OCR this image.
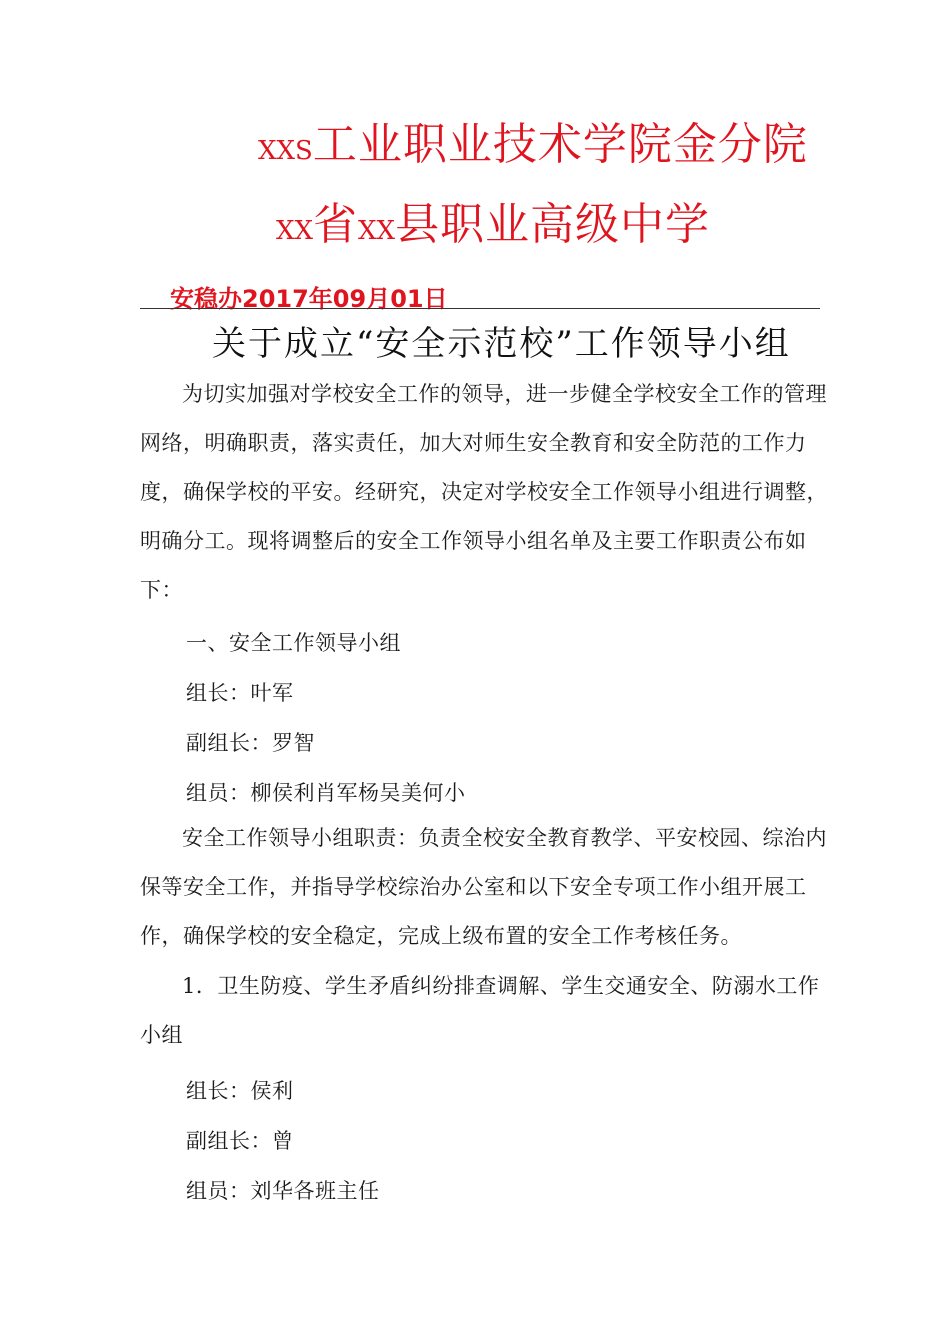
XXS工业职业技术学院金分院
XX省XX县职业高级中学
安稳办2017年09月01日
关于成立“安全示范校”工作领导小组

为切实加强对学校安全工作的领导，进一步健全学校安全工作的管理网络，明确职责，落实责任，加大对师生安全教育和安全防范的工作力度，确保学校的平安。经研究，决定对学校安全工作领导小组进行调整，明确分工。现将调整后的安全工作领导小组名单及主要工作职责公布如下：

一、安全工作领导小组
组长：叶军
副组长：罗智
组员：柳侯利肖军杨吴美何小

安全工作领导小组职责：负责全校安全教育教学、平安校园、综治内保等安全工作，并指导学校综治办公室和以下安全专项工作小组开展工作，确保学校的安全稳定，完成上级布置的安全工作考核任务。

1．卫生防疫、学生矛盾纠纷排查调解、学生交通安全、防溺水工作小组

组长：侯利
副组长：曾
组员：刘华各班主任
